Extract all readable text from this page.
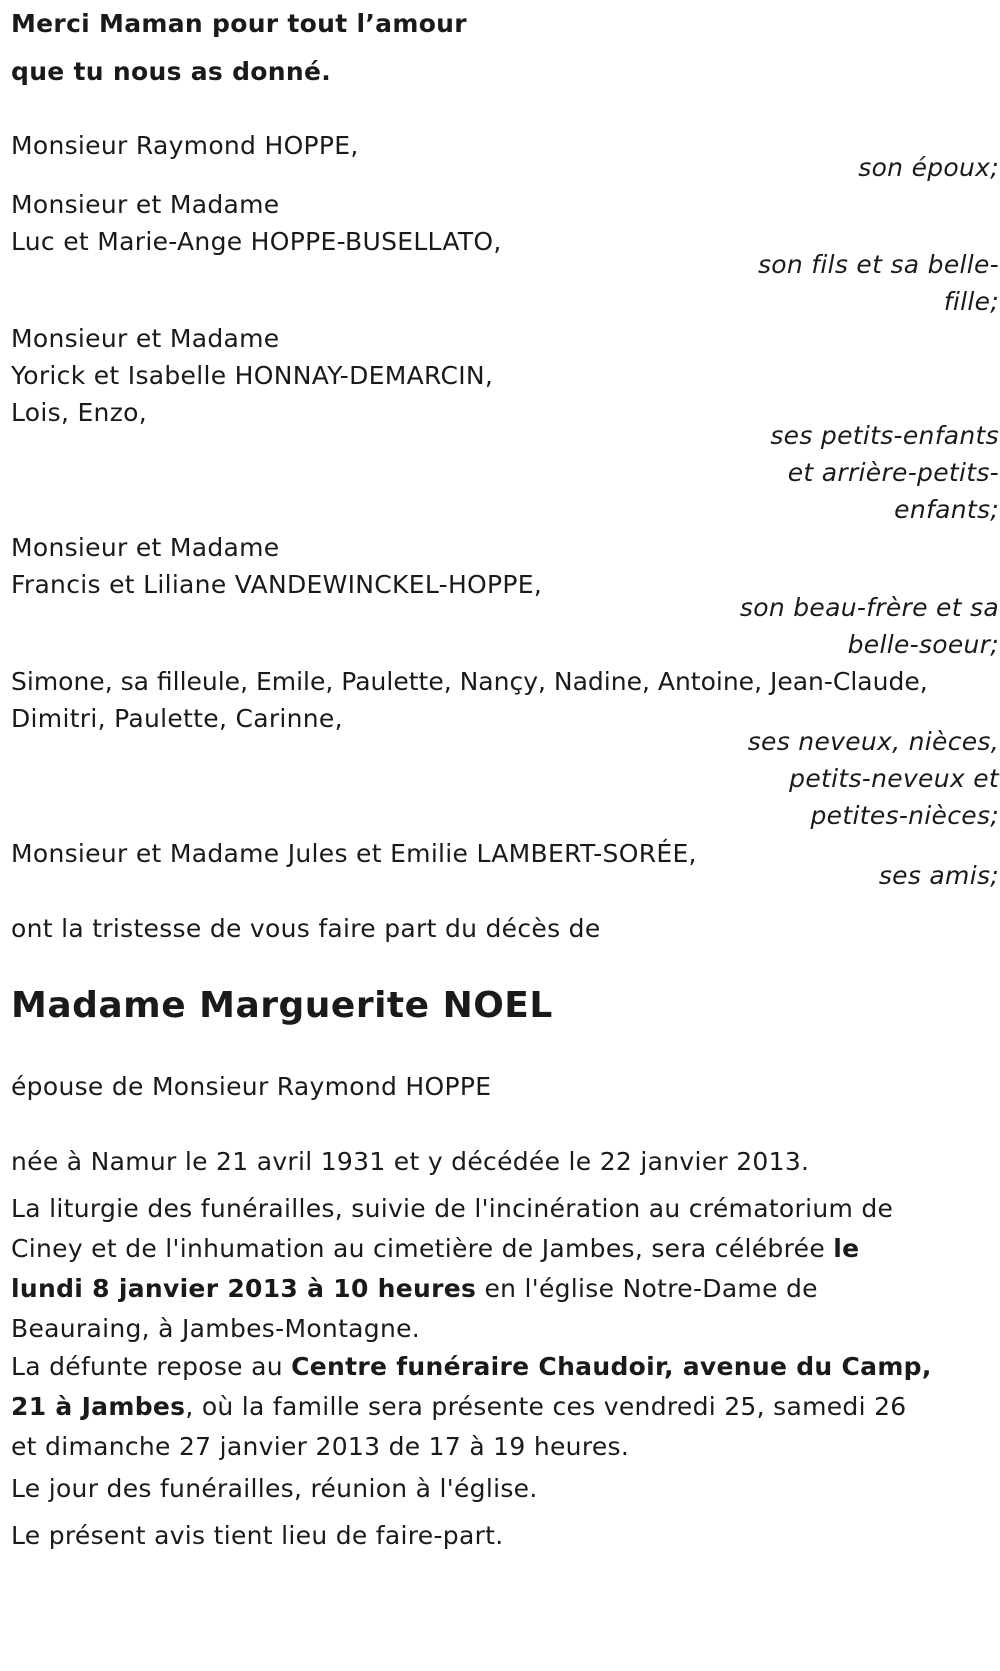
Merci Maman pour tout l’amour
que tu nous as donné.
Monsieur Raymond HOPPE,
son époux;
Monsieur et Madame
Luc et Marie-Ange HOPPE-BUSELLATO,
son fils et sa belle-
fille;
Monsieur et Madame
Yorick et Isabelle HONNAY-DEMARCIN,
Lois, Enzo,
ses petits-enfants
et arrière-petits-
enfants;
Monsieur et Madame
Francis et Liliane VANDEWINCKEL-HOPPE,
son beau-frère et sa
belle-soeur;
Simone, sa filleule, Emile, Paulette, Nançy, Nadine, Antoine, Jean-Claude,
Dimitri, Paulette, Carinne,
ses neveux, nièces,
petits-neveux et
petites-nièces;
Monsieur et Madame Jules et Emilie LAMBERT-SORÉE,
ses amis;
ont la tristesse de vous faire part du décès de
Madame Marguerite NOEL
épouse de Monsieur Raymond HOPPE
née à Namur le 21 avril 1931 et y décédée le 22 janvier 2013.
La liturgie des funérailles, suivie de l'incinération au crématorium de Ciney et de l'inhumation au cimetière de Jambes, sera célébrée le lundi 8 janvier 2013 à 10 heures en l'église Notre-Dame de Beauraing, à Jambes-Montagne.
La défunte repose au Centre funéraire Chaudoir, avenue du Camp, 21 à Jambes, où la famille sera présente ces vendredi 25, samedi 26 et dimanche 27 janvier 2013 de 17 à 19 heures.
Le jour des funérailles, réunion à l'église.
Le présent avis tient lieu de faire-part.
